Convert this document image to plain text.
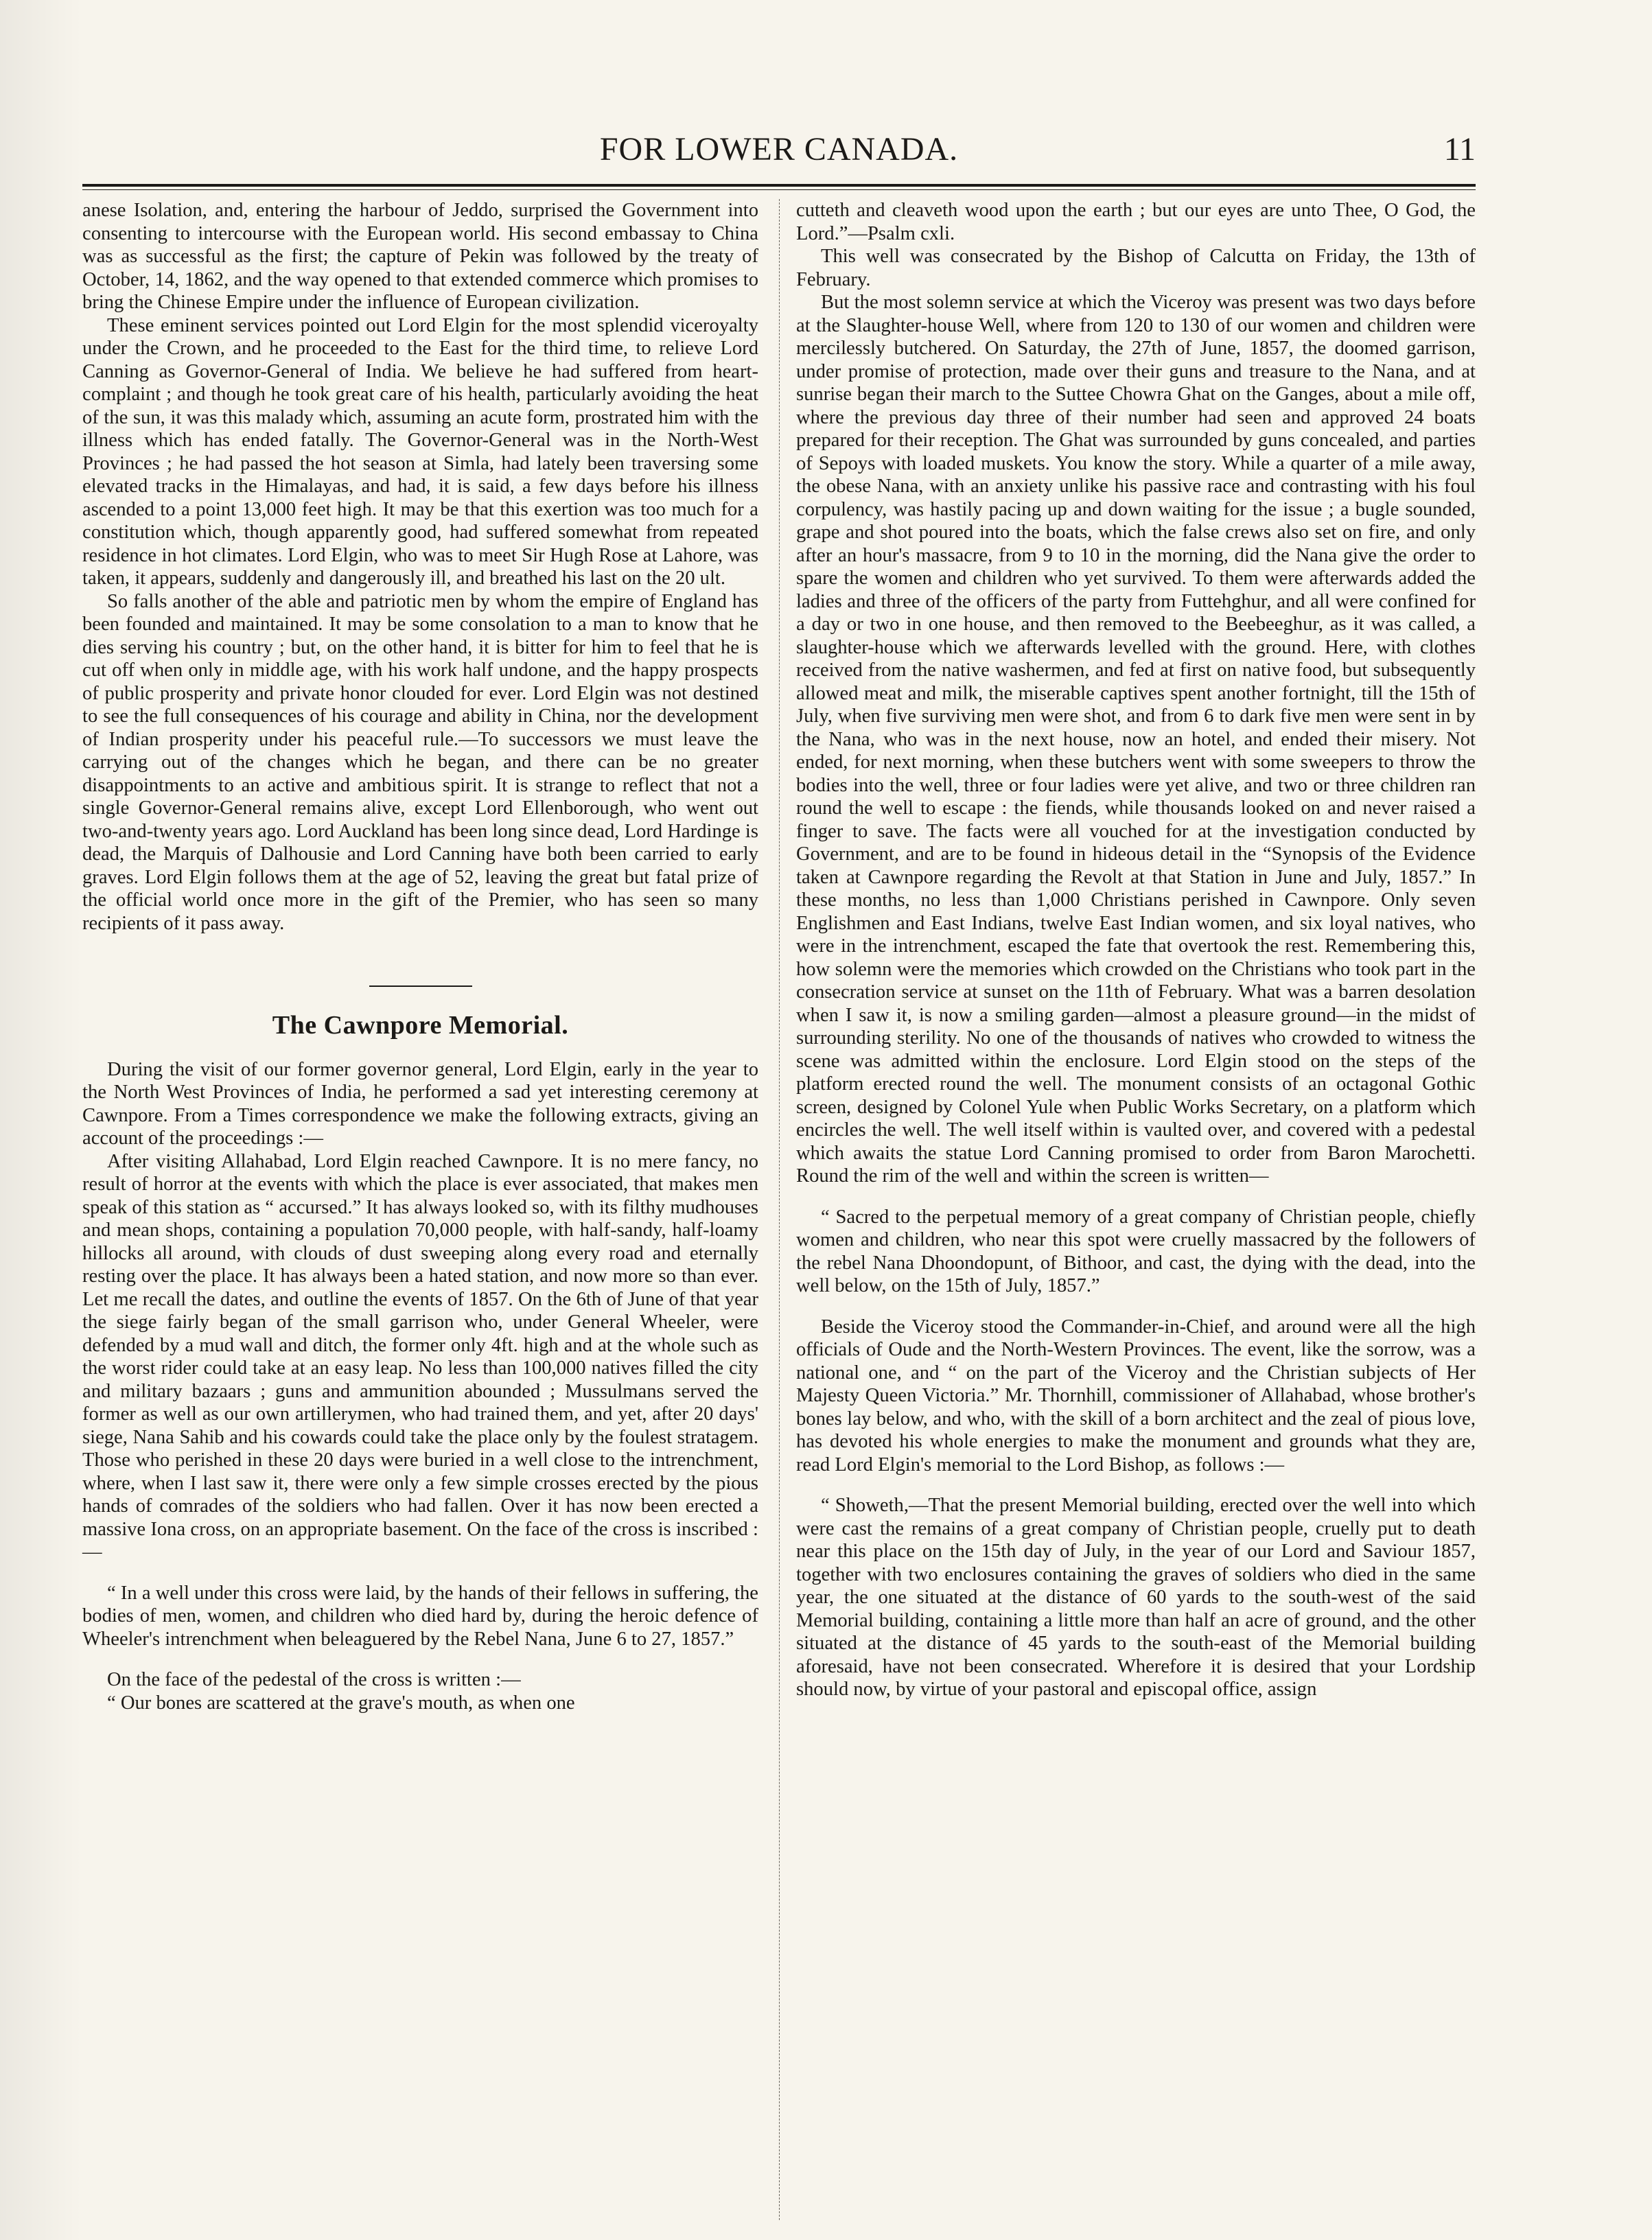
FOR LOWER CANADA.	11

anese Isolation, and, entering the harbour of Jeddo, surprised the Government into consenting to intercourse with the European world. His second embassay to China was as successful as the first; the capture of Pekin was followed by the treaty of October, 14, 1862, and the way opened to that extended commerce which promises to bring the Chinese Empire under the influence of European civilization.

These eminent services pointed out Lord Elgin for the most splendid viceroyalty under the Crown, and he proceeded to the East for the third time, to relieve Lord Canning as Governor-General of India. We believe he had suffered from heart-complaint ; and though he took great care of his health, particularly avoiding the heat of the sun, it was this malady which, assuming an acute form, prostrated him with the illness which has ended fatally. The Governor-General was in the North-West Provinces ; he had passed the hot season at Simla, had lately been traversing some elevated tracks in the Himalayas, and had, it is said, a few days before his illness ascended to a point 13,000 feet high. It may be that this exertion was too much for a constitution which, though apparently good, had suffered somewhat from repeated residence in hot climates. Lord Elgin, who was to meet Sir Hugh Rose at Lahore, was taken, it appears, suddenly and dangerously ill, and breathed his last on the 20 ult.

So falls another of the able and patriotic men by whom the empire of England has been founded and maintained. It may be some consolation to a man to know that he dies serving his country ; but, on the other hand, it is bitter for him to feel that he is cut off when only in middle age, with his work half undone, and the happy prospects of public prosperity and private honor clouded for ever. Lord Elgin was not destined to see the full consequences of his courage and ability in China, nor the development of Indian prosperity under his peaceful rule.—To successors we must leave the carrying out of the changes which he began, and there can be no greater disappointments to an active and ambitious spirit. It is strange to reflect that not a single Governor-General remains alive, except Lord Ellenborough, who went out two-and-twenty years ago. Lord Auckland has been long since dead, Lord Hardinge is dead, the Marquis of Dalhousie and Lord Canning have both been carried to early graves. Lord Elgin follows them at the age of 52, leaving the great but fatal prize of the official world once more in the gift of the Premier, who has seen so many recipients of it pass away.

The Cawnpore Memorial.

During the visit of our former governor general, Lord Elgin, early in the year to the North West Provinces of India, he performed a sad yet interesting ceremony at Cawnpore. From a Times correspondence we make the following extracts, giving an account of the proceedings :—

After visiting Allahabad, Lord Elgin reached Cawnpore. It is no mere fancy, no result of horror at the events with which the place is ever associated, that makes men speak of this station as “ accursed.” It has always looked so, with its filthy mudhouses and mean shops, containing a population 70,000 people, with half-sandy, half-loamy hillocks all around, with clouds of dust sweeping along every road and eternally resting over the place. It has always been a hated station, and now more so than ever. Let me recall the dates, and outline the events of 1857. On the 6th of June of that year the siege fairly began of the small garrison who, under General Wheeler, were defended by a mud wall and ditch, the former only 4ft. high and at the whole such as the worst rider could take at an easy leap. No less than 100,000 natives filled the city and military bazaars ; guns and ammunition abounded ; Mussulmans served the former as well as our own artillerymen, who had trained them, and yet, after 20 days' siege, Nana Sahib and his cowards could take the place only by the foulest stratagem. Those who perished in these 20 days were buried in a well close to the intrenchment, where, when I last saw it, there were only a few simple crosses erected by the pious hands of comrades of the soldiers who had fallen. Over it has now been erected a massive Iona cross, on an appropriate basement. On the face of the cross is inscribed :—

“ In a well under this cross were laid, by the hands of their fellows in suffering, the bodies of men, women, and children who died hard by, during the heroic defence of Wheeler's intrenchment when beleaguered by the Rebel Nana, June 6 to 27, 1857.”

On the face of the pedestal of the cross is written :—

“ Our bones are scattered at the grave's mouth, as when one

cutteth and cleaveth wood upon the earth ; but our eyes are unto Thee, O God, the Lord.”—Psalm cxli.

This well was consecrated by the Bishop of Calcutta on Friday, the 13th of February.

But the most solemn service at which the Viceroy was present was two days before at the Slaughter-house Well, where from 120 to 130 of our women and children were mercilessly butchered. On Saturday, the 27th of June, 1857, the doomed garrison, under promise of protection, made over their guns and treasure to the Nana, and at sunrise began their march to the Suttee Chowra Ghat on the Ganges, about a mile off, where the previous day three of their number had seen and approved 24 boats prepared for their reception. The Ghat was surrounded by guns concealed, and parties of Sepoys with loaded muskets. You know the story. While a quarter of a mile away, the obese Nana, with an anxiety unlike his passive race and contrasting with his foul corpulency, was hastily pacing up and down waiting for the issue ; a bugle sounded, grape and shot poured into the boats, which the false crews also set on fire, and only after an hour's massacre, from 9 to 10 in the morning, did the Nana give the order to spare the women and children who yet survived. To them were afterwards added the ladies and three of the officers of the party from Futtehghur, and all were confined for a day or two in one house, and then removed to the Beebeeghur, as it was called, a slaughter-house which we afterwards levelled with the ground. Here, with clothes received from the native washermen, and fed at first on native food, but subsequently allowed meat and milk, the miserable captives spent another fortnight, till the 15th of July, when five surviving men were shot, and from 6 to dark five men were sent in by the Nana, who was in the next house, now an hotel, and ended their misery. Not ended, for next morning, when these butchers went with some sweepers to throw the bodies into the well, three or four ladies were yet alive, and two or three children ran round the well to escape : the fiends, while thousands looked on and never raised a finger to save. The facts were all vouched for at the investigation conducted by Government, and are to be found in hideous detail in the “Synopsis of the Evidence taken at Cawnpore regarding the Revolt at that Station in June and July, 1857.” In these months, no less than 1,000 Christians perished in Cawnpore. Only seven Englishmen and East Indians, twelve East Indian women, and six loyal natives, who were in the intrenchment, escaped the fate that overtook the rest. Remembering this, how solemn were the memories which crowded on the Christians who took part in the consecration service at sunset on the 11th of February. What was a barren desolation when I saw it, is now a smiling garden—almost a pleasure ground—in the midst of surrounding sterility. No one of the thousands of natives who crowded to witness the scene was admitted within the enclosure. Lord Elgin stood on the steps of the platform erected round the well. The monument consists of an octagonal Gothic screen, designed by Colonel Yule when Public Works Secretary, on a platform which encircles the well. The well itself within is vaulted over, and covered with a pedestal which awaits the statue Lord Canning promised to order from Baron Marochetti. Round the rim of the well and within the screen is written—

“ Sacred to the perpetual memory of a great company of Christian people, chiefly women and children, who near this spot were cruelly massacred by the followers of the rebel Nana Dhoondopunt, of Bithoor, and cast, the dying with the dead, into the well below, on the 15th of July, 1857.”

Beside the Viceroy stood the Commander-in-Chief, and around were all the high officials of Oude and the North-Western Provinces. The event, like the sorrow, was a national one, and “ on the part of the Viceroy and the Christian subjects of Her Majesty Queen Victoria.” Mr. Thornhill, commissioner of Allahabad, whose brother's bones lay below, and who, with the skill of a born architect and the zeal of pious love, has devoted his whole energies to make the monument and grounds what they are, read Lord Elgin's memorial to the Lord Bishop, as follows :—

“ Showeth,—That the present Memorial building, erected over the well into which were cast the remains of a great company of Christian people, cruelly put to death near this place on the 15th day of July, in the year of our Lord and Saviour 1857, together with two enclosures containing the graves of soldiers who died in the same year, the one situated at the distance of 60 yards to the south-west of the said Memorial building, containing a little more than half an acre of ground, and the other situated at the distance of 45 yards to the south-east of the Memorial building aforesaid, have not been consecrated. Wherefore it is desired that your Lordship should now, by virtue of your pastoral and episcopal office, assign
